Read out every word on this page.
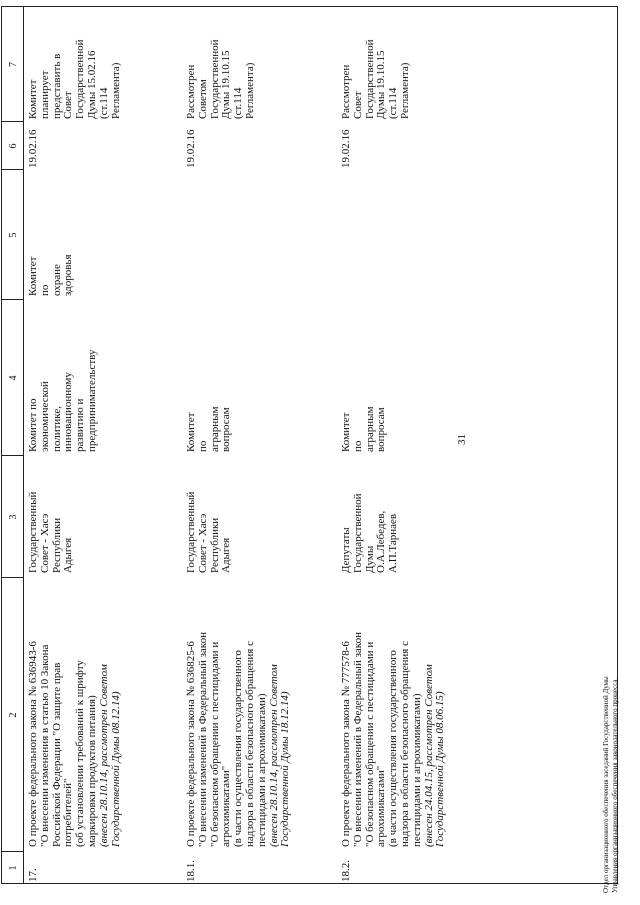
31
1
2
3
4
5
6
7
17.
О проекте федерального закона № 636943-6
"О внесении изменения в статью 10 Закона
Российской Федерации "О защите прав
потребителей"
(об установлении требований к шрифту
маркировки продуктов питания)
(внесен 28.10.14, рассмотрен Советом
Государственной Думы 08.12.14)
Государственный
Совет - Хасэ
Республики Адыгея
Комитет по
экономической
политике,
инновационному
развитию и
предпринимательству
Комитет по охране
здоровья
19.02.16
Комитет планирует
представить в Совет
Государственной
Думы 15.02.16
(ст.114 Регламента)
18.1.
О проекте федерального закона № 636825-6
"О внесении изменений в Федеральный закон
"О безопасном обращении с пестицидами и
агрохимикатами"
(в части осуществления государственного
надзора в области безопасного обращения с
пестицидами и агрохимикатами)
(внесен 28.10.14, рассмотрен Советом
Государственной Думы 18.12.14)
Государственный
Совет - Хасэ
Республики Адыгея
Комитет по аграрным
вопросам
19.02.16
Рассмотрен
Советом
Государственной
Думы 19.10.15
(ст.114 Регламента)
18.2.
О проекте федерального закона № 777578-6
"О внесении изменений в Федеральный закон
"О безопасном обращении с пестицидами и
агрохимикатами"
(в части осуществления государственного
надзора в области безопасного обращения с
пестицидами и агрохимикатами)
(внесен 24.04.15, рассмотрен Советом
Государственной Думы 08.06.15)
Депутаты
Государственной
Думы
О.А.Лебедев,
А.П.Тарнаев
Комитет по аграрным
вопросам
19.02.16
Рассмотрен
Совет
Государственной
Думы 19.10.15
(ст.114 Регламента)
Отдел организационного обеспечения заседаний Государственной Думы Управления организационного обеспечения законодательного процесса
